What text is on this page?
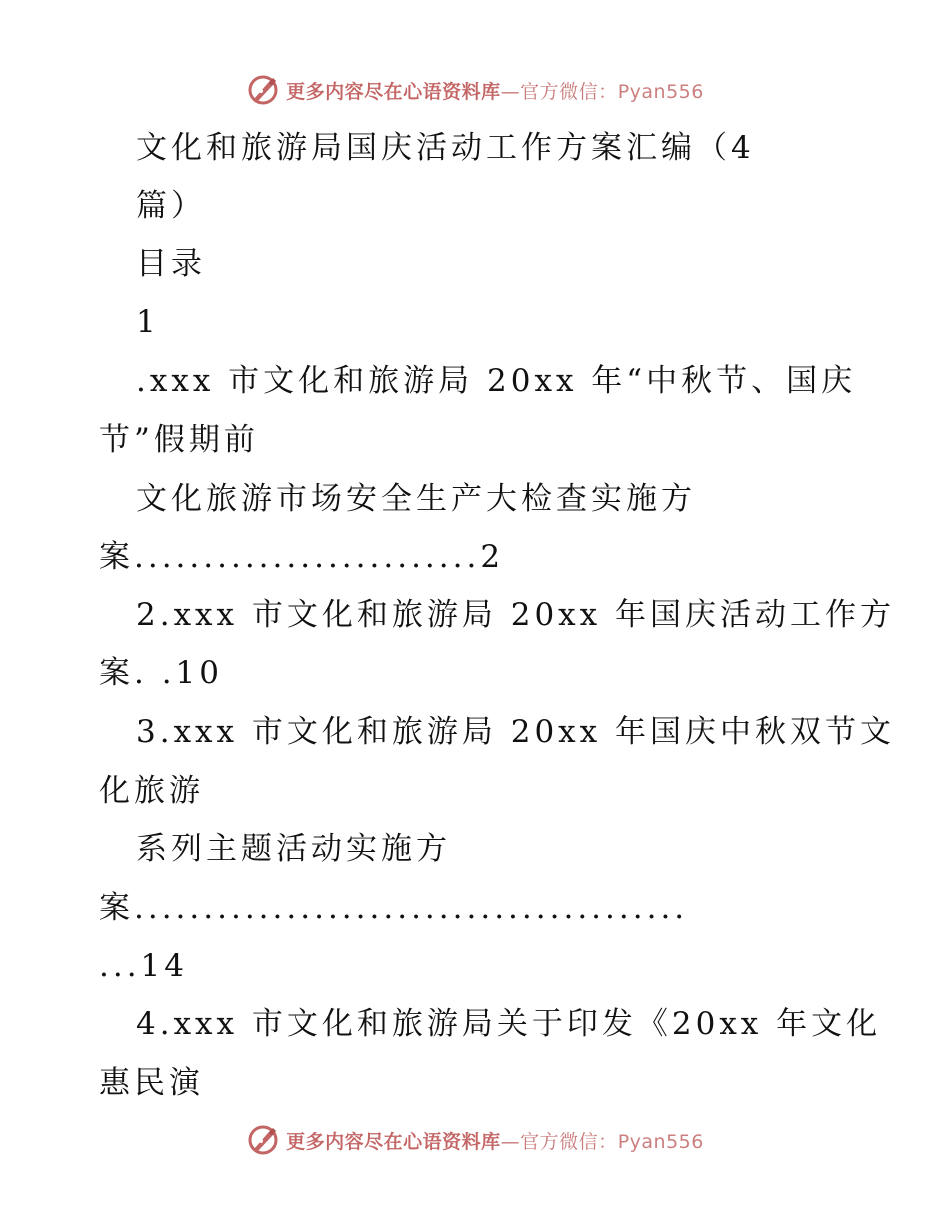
更多内容尽在心语资料库—官方微信：Pyan556
文化和旅游局国庆活动工作方案汇编（4
篇）
目录
1
.xxx 市文化和旅游局 20xx 年“中秋节、国庆
节”假期前
文化旅游市场安全生产大检查实施方
案.........................2
2.xxx 市文化和旅游局 20xx 年国庆活动工作方
案. .10
3.xxx 市文化和旅游局 20xx 年国庆中秋双节文
化旅游
系列主题活动实施方
案........................................
...14
4.xxx 市文化和旅游局关于印发《20xx 年文化
惠民演
更多内容尽在心语资料库—官方微信：Pyan556
